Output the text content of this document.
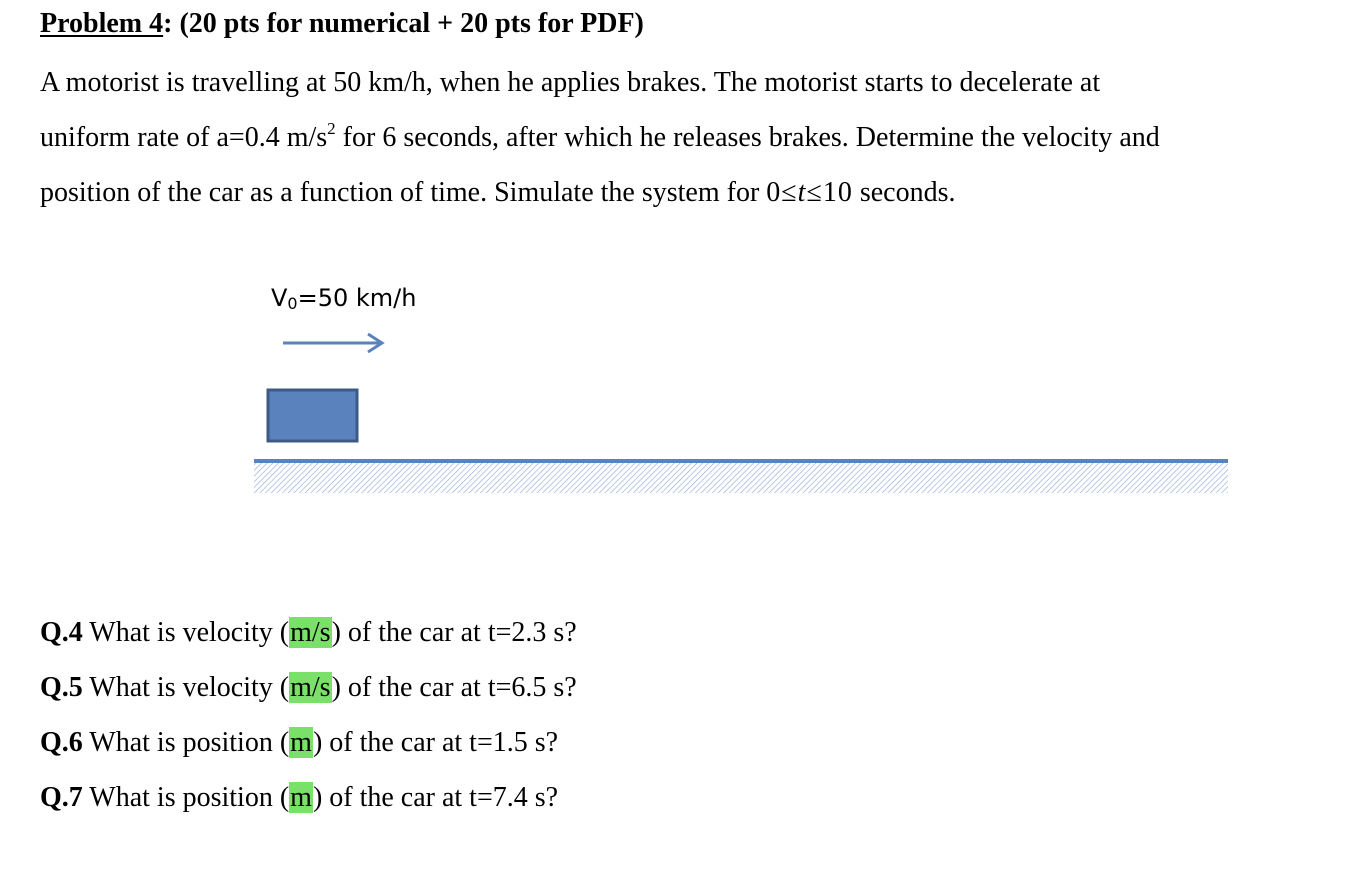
Problem 4: (20 pts for numerical + 20 pts for PDF)
A motorist is travelling at 50 km/h, when he applies brakes. The motorist starts to decelerate at
uniform rate of a=0.4 $m/s^2$ for 6 seconds, after which he releases brakes. Determine the velocity and
position of the car as a function of time. Simulate the system for 0≤t≤10 seconds.
$V_0=50$ km/h
Q.4 What is velocity (m/s) of the car at t=2.3 s?
Q.5 What is velocity (m/s) of the car at t=6.5 s?
Q.6 What is position (m) of the car at t=1.5 s?
Q.7 What is position (m) of the car at t=7.4 s?
